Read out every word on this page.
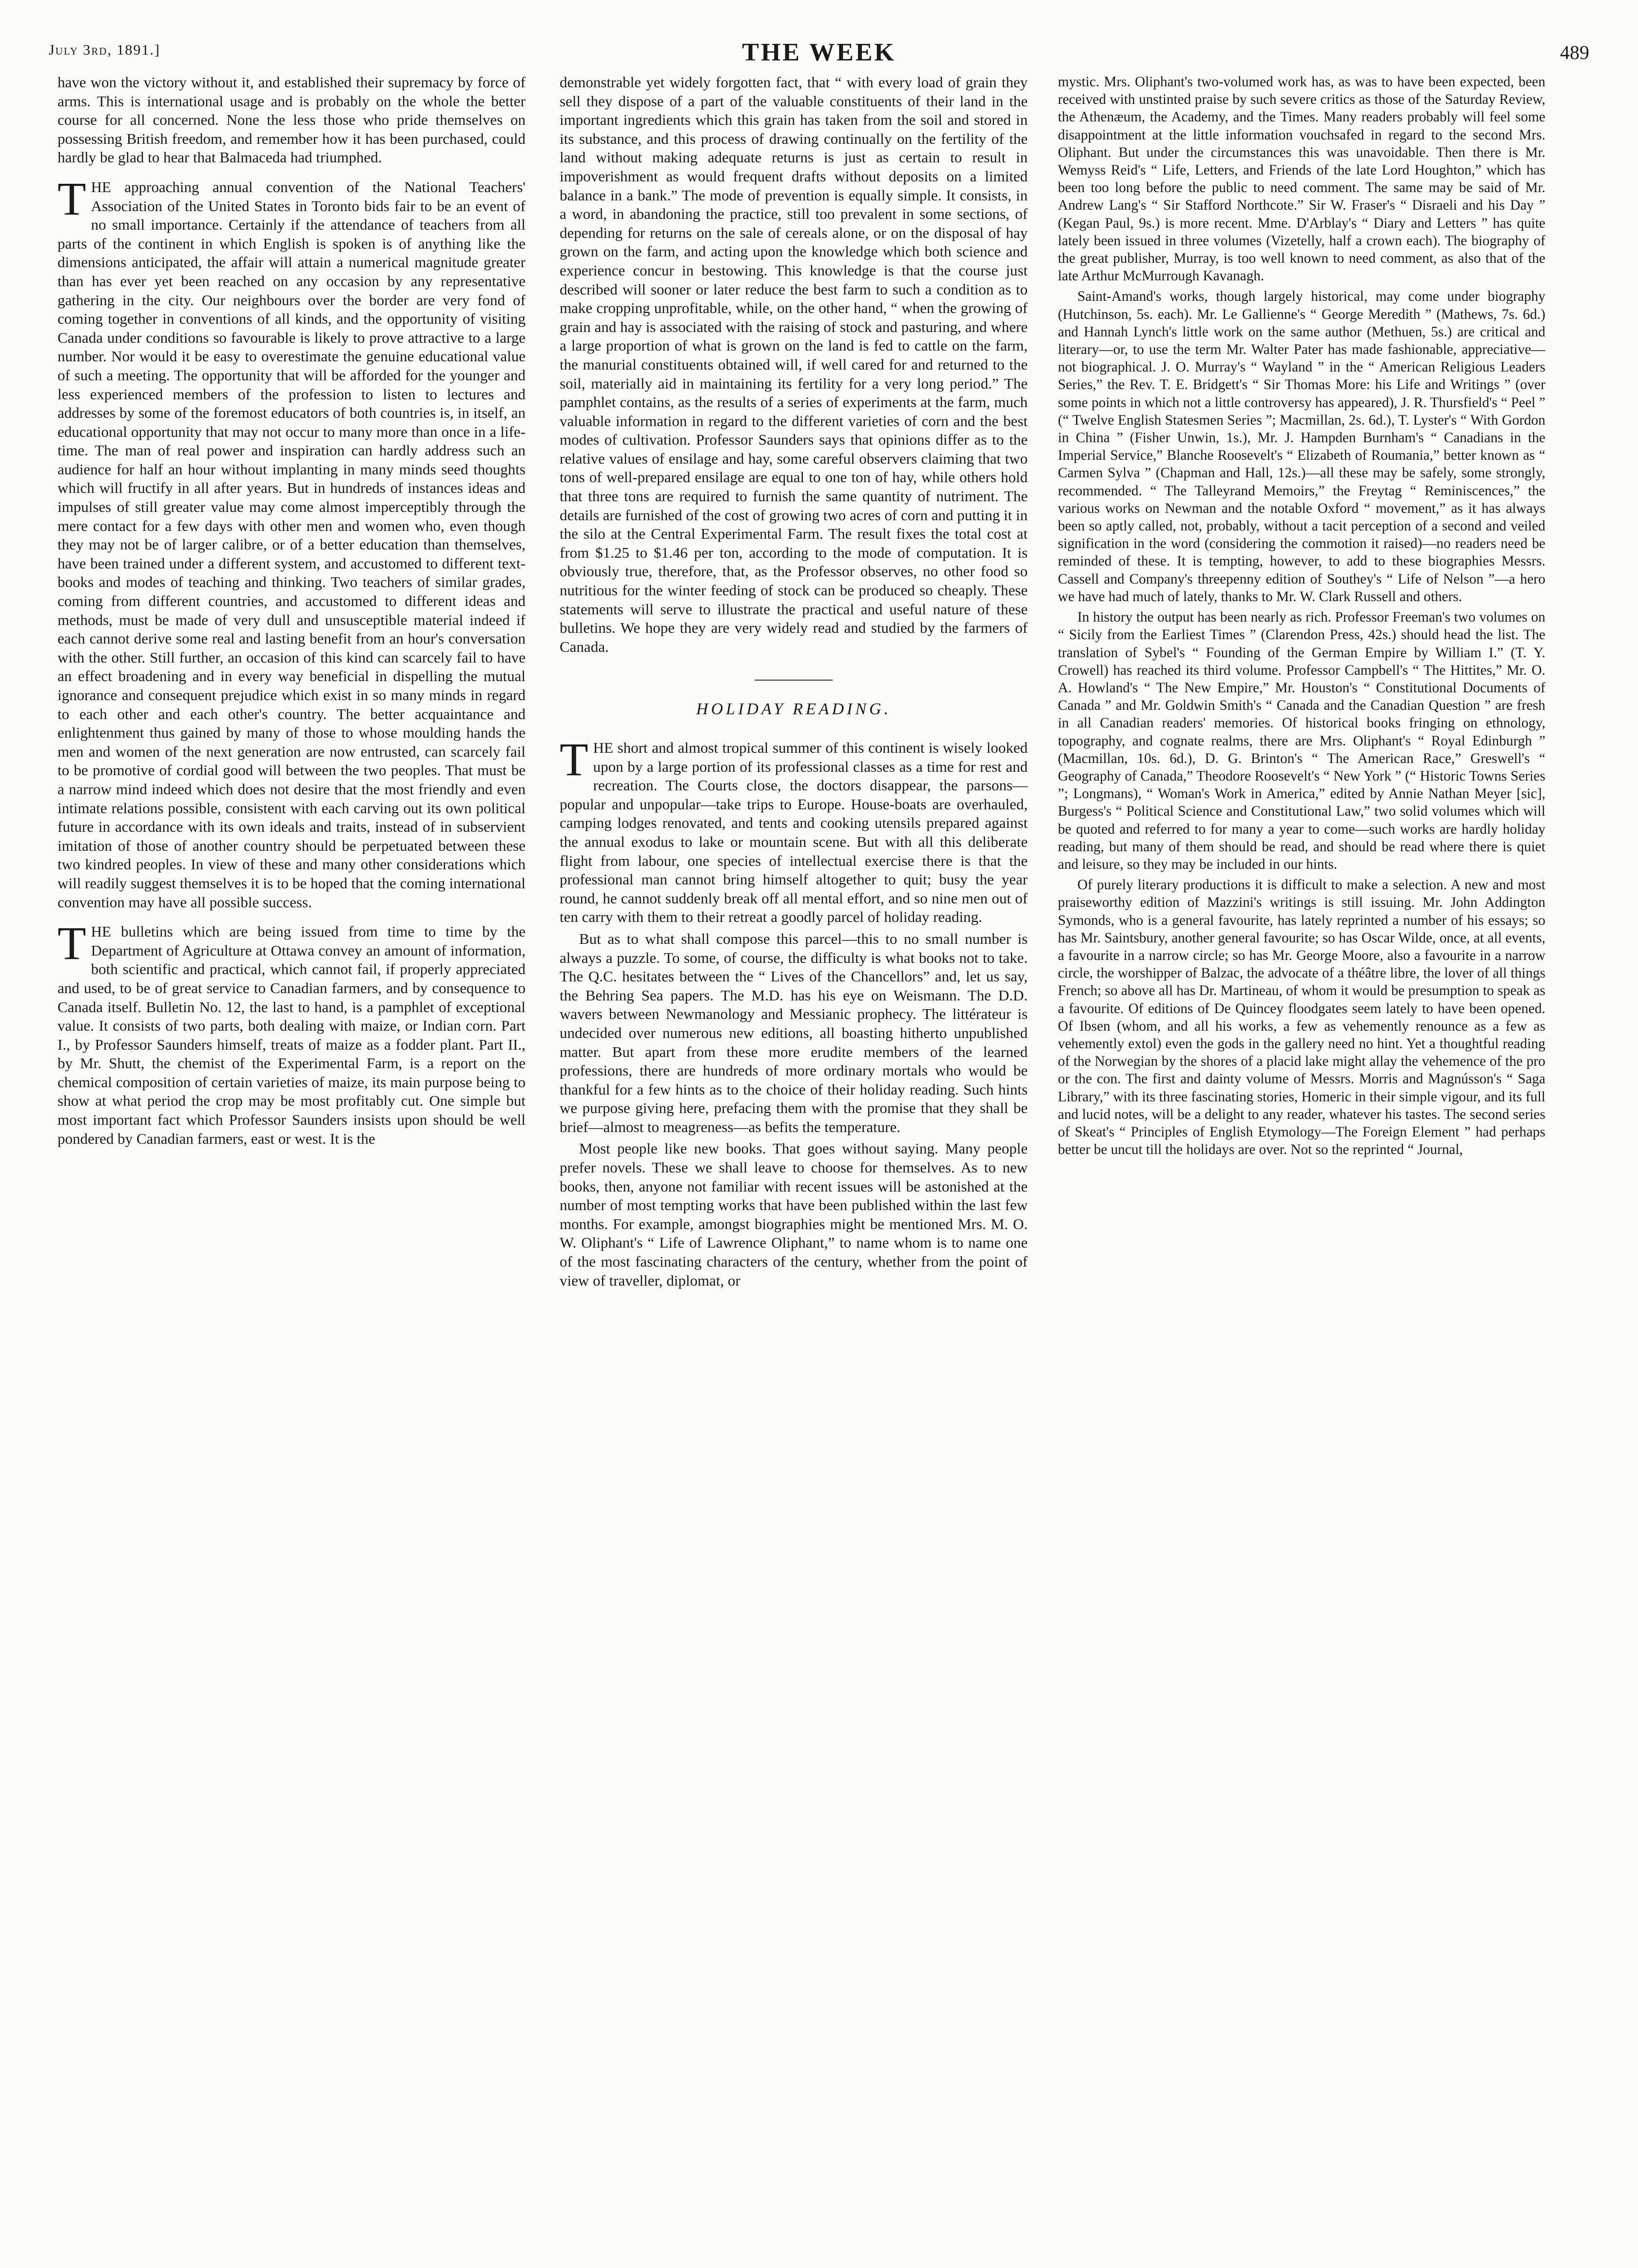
July 3rd, 1891.]	THE WEEK	489

have won the victory without it, and established their supremacy by force of arms. This is international usage and is probably on the whole the better course for all concerned. None the less those who pride themselves on possessing British freedom, and remember how it has been purchased, could hardly be glad to hear that Balmaceda had triumphed.

THE approaching annual convention of the National Teachers' Association of the United States in Toronto bids fair to be an event of no small importance. Certainly if the attendance of teachers from all parts of the continent in which English is spoken is of anything like the dimensions anticipated, the affair will attain a numerical magnitude greater than has ever yet been reached on any occasion by any representative gathering in the city. Our neighbours over the border are very fond of coming together in conventions of all kinds, and the opportunity of visiting Canada under conditions so favourable is likely to prove attractive to a large number. Nor would it be easy to overestimate the genuine educational value of such a meeting. The opportunity that will be afforded for the younger and less experienced members of the profession to listen to lectures and addresses by some of the foremost educators of both countries is, in itself, an educational opportunity that may not occur to many more than once in a life-time. The man of real power and inspiration can hardly address such an audience for half an hour without implanting in many minds seed thoughts which will fructify in all after years. But in hundreds of instances ideas and impulses of still greater value may come almost imperceptibly through the mere contact for a few days with other men and women who, even though they may not be of larger calibre, or of a better education than themselves, have been trained under a different system, and accustomed to different text-books and modes of teaching and thinking. Two teachers of similar grades, coming from different countries, and accustomed to different ideas and methods, must be made of very dull and unsusceptible material indeed if each cannot derive some real and lasting benefit from an hour's conversation with the other. Still further, an occasion of this kind can scarcely fail to have an effect broadening and in every way beneficial in dispelling the mutual ignorance and consequent prejudice which exist in so many minds in regard to each other and each other's country. The better acquaintance and enlightenment thus gained by many of those to whose moulding hands the men and women of the next generation are now entrusted, can scarcely fail to be promotive of cordial good will between the two peoples. That must be a narrow mind indeed which does not desire that the most friendly and even intimate relations possible, consistent with each carving out its own political future in accordance with its own ideals and traits, instead of in subservient imitation of those of another country should be perpetuated between these two kindred peoples. In view of these and many other considerations which will readily suggest themselves it is to be hoped that the coming international convention may have all possible success.

THE bulletins which are being issued from time to time by the Department of Agriculture at Ottawa convey an amount of information, both scientific and practical, which cannot fail, if properly appreciated and used, to be of great service to Canadian farmers, and by consequence to Canada itself. Bulletin No. 12, the last to hand, is a pamphlet of exceptional value. It consists of two parts, both dealing with maize, or Indian corn. Part I., by Professor Saunders himself, treats of maize as a fodder plant. Part II., by Mr. Shutt, the chemist of the Experimental Farm, is a report on the chemical composition of certain varieties of maize, its main purpose being to show at what period the crop may be most profitably cut. One simple but most important fact which Professor Saunders insists upon should be well pondered by Canadian farmers, east or west. It is the

demonstrable yet widely forgotten fact, that “ with every load of grain they sell they dispose of a part of the valuable constituents of their land in the important ingredients which this grain has taken from the soil and stored in its substance, and this process of drawing continually on the fertility of the land without making adequate returns is just as certain to result in impoverishment as would frequent drafts without deposits on a limited balance in a bank.” The mode of prevention is equally simple. It consists, in a word, in abandoning the practice, still too prevalent in some sections, of depending for returns on the sale of cereals alone, or on the disposal of hay grown on the farm, and acting upon the knowledge which both science and experience concur in bestowing. This knowledge is that the course just described will sooner or later reduce the best farm to such a condition as to make cropping unprofitable, while, on the other hand, “ when the growing of grain and hay is associated with the raising of stock and pasturing, and where a large proportion of what is grown on the land is fed to cattle on the farm, the manurial constituents obtained will, if well cared for and returned to the soil, materially aid in maintaining its fertility for a very long period.” The pamphlet contains, as the results of a series of experiments at the farm, much valuable information in regard to the different varieties of corn and the best modes of cultivation. Professor Saunders says that opinions differ as to the relative values of ensilage and hay, some careful observers claiming that two tons of well-prepared ensilage are equal to one ton of hay, while others hold that three tons are required to furnish the same quantity of nutriment. The details are furnished of the cost of growing two acres of corn and putting it in the silo at the Central Experimental Farm. The result fixes the total cost at from $1.25 to $1.46 per ton, according to the mode of computation. It is obviously true, therefore, that, as the Professor observes, no other food so nutritious for the winter feeding of stock can be produced so cheaply. These statements will serve to illustrate the practical and useful nature of these bulletins. We hope they are very widely read and studied by the farmers of Canada.

HOLIDAY READING.

THE short and almost tropical summer of this continent is wisely looked upon by a large portion of its professional classes as a time for rest and recreation. The Courts close, the doctors disappear, the parsons—popular and unpopular—take trips to Europe. House-boats are overhauled, camping lodges renovated, and tents and cooking utensils prepared against the annual exodus to lake or mountain scene. But with all this deliberate flight from labour, one species of intellectual exercise there is that the professional man cannot bring himself altogether to quit; busy the year round, he cannot suddenly break off all mental effort, and so nine men out of ten carry with them to their retreat a goodly parcel of holiday reading.

But as to what shall compose this parcel—this to no small number is always a puzzle. To some, of course, the difficulty is what books not to take. The Q.C. hesitates between the “ Lives of the Chancellors” and, let us say, the Behring Sea papers. The M.D. has his eye on Weismann. The D.D. wavers between Newmanology and Messianic prophecy. The littérateur is undecided over numerous new editions, all boasting hitherto unpublished matter. But apart from these more erudite members of the learned professions, there are hundreds of more ordinary mortals who would be thankful for a few hints as to the choice of their holiday reading. Such hints we purpose giving here, prefacing them with the promise that they shall be brief—almost to meagreness—as befits the temperature.

Most people like new books. That goes without saying. Many people prefer novels. These we shall leave to choose for themselves. As to new books, then, anyone not familiar with recent issues will be astonished at the number of most tempting works that have been published within the last few months. For example, amongst biographies might be mentioned Mrs. M. O. W. Oliphant's “ Life of Lawrence Oliphant,” to name whom is to name one of the most fascinating characters of the century, whether from the point of view of traveller, diplomat, or

mystic. Mrs. Oliphant's two-volumed work has, as was to have been expected, been received with unstinted praise by such severe critics as those of the Saturday Review, the Athenæum, the Academy, and the Times. Many readers probably will feel some disappointment at the little information vouchsafed in regard to the second Mrs. Oliphant. But under the circumstances this was unavoidable. Then there is Mr. Wemyss Reid's “ Life, Letters, and Friends of the late Lord Houghton,” which has been too long before the public to need comment. The same may be said of Mr. Andrew Lang's “ Sir Stafford Northcote.” Sir W. Fraser's “ Disraeli and his Day ” (Kegan Paul, 9s.) is more recent. Mme. D'Arblay's “ Diary and Letters ” has quite lately been issued in three volumes (Vizetelly, half a crown each). The biography of the great publisher, Murray, is too well known to need comment, as also that of the late Arthur McMurrough Kavanagh.

Saint-Amand's works, though largely historical, may come under biography (Hutchinson, 5s. each). Mr. Le Gallienne's “ George Meredith ” (Mathews, 7s. 6d.) and Hannah Lynch's little work on the same author (Methuen, 5s.) are critical and literary—or, to use the term Mr. Walter Pater has made fashionable, appreciative—not biographical. J. O. Murray's “ Wayland ” in the “ American Religious Leaders Series,” the Rev. T. E. Bridgett's “ Sir Thomas More: his Life and Writings ” (over some points in which not a little controversy has appeared), J. R. Thursfield's “ Peel ” (“ Twelve English Statesmen Series ”; Macmillan, 2s. 6d.), T. Lyster's “ With Gordon in China ” (Fisher Unwin, 1s.), Mr. J. Hampden Burnham's “ Canadians in the Imperial Service,” Blanche Roosevelt's “ Elizabeth of Roumania,” better known as “ Carmen Sylva ” (Chapman and Hall, 12s.)—all these may be safely, some strongly, recommended. “ The Talleyrand Memoirs,” the Freytag “ Reminiscences,” the various works on Newman and the notable Oxford “ movement,” as it has always been so aptly called, not, probably, without a tacit perception of a second and veiled signification in the word (considering the commotion it raised)—no readers need be reminded of these. It is tempting, however, to add to these biographies Messrs. Cassell and Company's threepenny edition of Southey's “ Life of Nelson ”—a hero we have had much of lately, thanks to Mr. W. Clark Russell and others.

In history the output has been nearly as rich. Professor Freeman's two volumes on “ Sicily from the Earliest Times ” (Clarendon Press, 42s.) should head the list. The translation of Sybel's “ Founding of the German Empire by William I.” (T. Y. Crowell) has reached its third volume. Professor Campbell's “ The Hittites,” Mr. O. A. Howland's “ The New Empire,” Mr. Houston's “ Constitutional Documents of Canada ” and Mr. Goldwin Smith's “ Canada and the Canadian Question ” are fresh in all Canadian readers' memories. Of historical books fringing on ethnology, topography, and cognate realms, there are Mrs. Oliphant's “ Royal Edinburgh ” (Macmillan, 10s. 6d.), D. G. Brinton's “ The American Race,” Greswell's “ Geography of Canada,” Theodore Roosevelt's “ New York ” (“ Historic Towns Series ”; Longmans), “ Woman's Work in America,” edited by Annie Nathan Meyer [sic], Burgess's “ Political Science and Constitutional Law,” two solid volumes which will be quoted and referred to for many a year to come—such works are hardly holiday reading, but many of them should be read, and should be read where there is quiet and leisure, so they may be included in our hints.

Of purely literary productions it is difficult to make a selection. A new and most praiseworthy edition of Mazzini's writings is still issuing. Mr. John Addington Symonds, who is a general favourite, has lately reprinted a number of his essays; so has Mr. Saintsbury, another general favourite; so has Oscar Wilde, once, at all events, a favourite in a narrow circle; so has Mr. George Moore, also a favourite in a narrow circle, the worshipper of Balzac, the advocate of a théâtre libre, the lover of all things French; so above all has Dr. Martineau, of whom it would be presumption to speak as a favourite. Of editions of De Quincey floodgates seem lately to have been opened. Of Ibsen (whom, and all his works, a few as vehemently renounce as a few as vehemently extol) even the gods in the gallery need no hint. Yet a thoughtful reading of the Norwegian by the shores of a placid lake might allay the vehemence of the pro or the con. The first and dainty volume of Messrs. Morris and Magnússon's “ Saga Library,” with its three fascinating stories, Homeric in their simple vigour, and its full and lucid notes, will be a delight to any reader, whatever his tastes. The second series of Skeat's “ Principles of English Etymology—The Foreign Element ” had perhaps better be uncut till the holidays are over. Not so the reprinted “ Journal,
